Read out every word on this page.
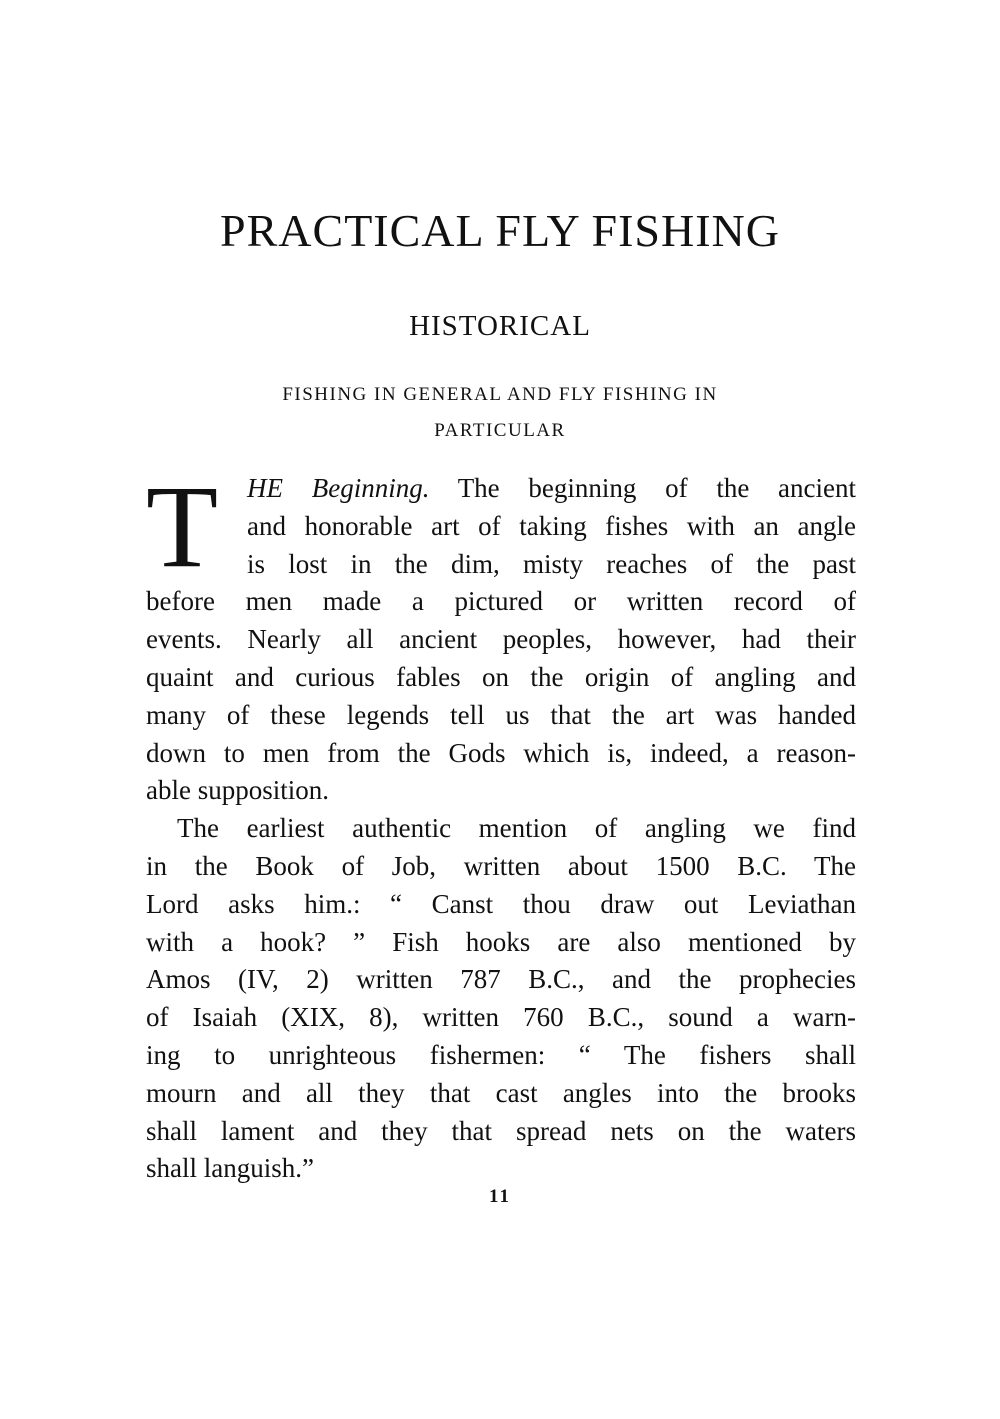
PRACTICAL FLY FISHING
HISTORICAL
FISHING IN GENERAL AND FLY FISHING IN
PARTICULAR
T	HE Beginning. The beginning of the ancient
and honorable art of taking fishes with an angle
is lost in the dim, misty reaches of the past
before men made a pictured or written record of
events. Nearly all ancient peoples, however, had their
quaint and curious fables on the origin of angling and
many of these legends tell us that the art was handed
down to men from the Gods which is, indeed, a reason-
able supposition.
The earliest authentic mention of angling we find
in the Book of Job, written about 1500 B.C. The
Lord asks him.: “ Canst thou draw out Leviathan
with a hook? ” Fish hooks are also mentioned by
Amos (IV, 2) written 787 B.C., and the prophecies
of Isaiah (XIX, 8), written 760 B.C., sound a warn-
ing to unrighteous fishermen: “ The fishers shall
mourn and all they that cast angles into the brooks
shall lament and they that spread nets on the waters
shall languish.”
11
